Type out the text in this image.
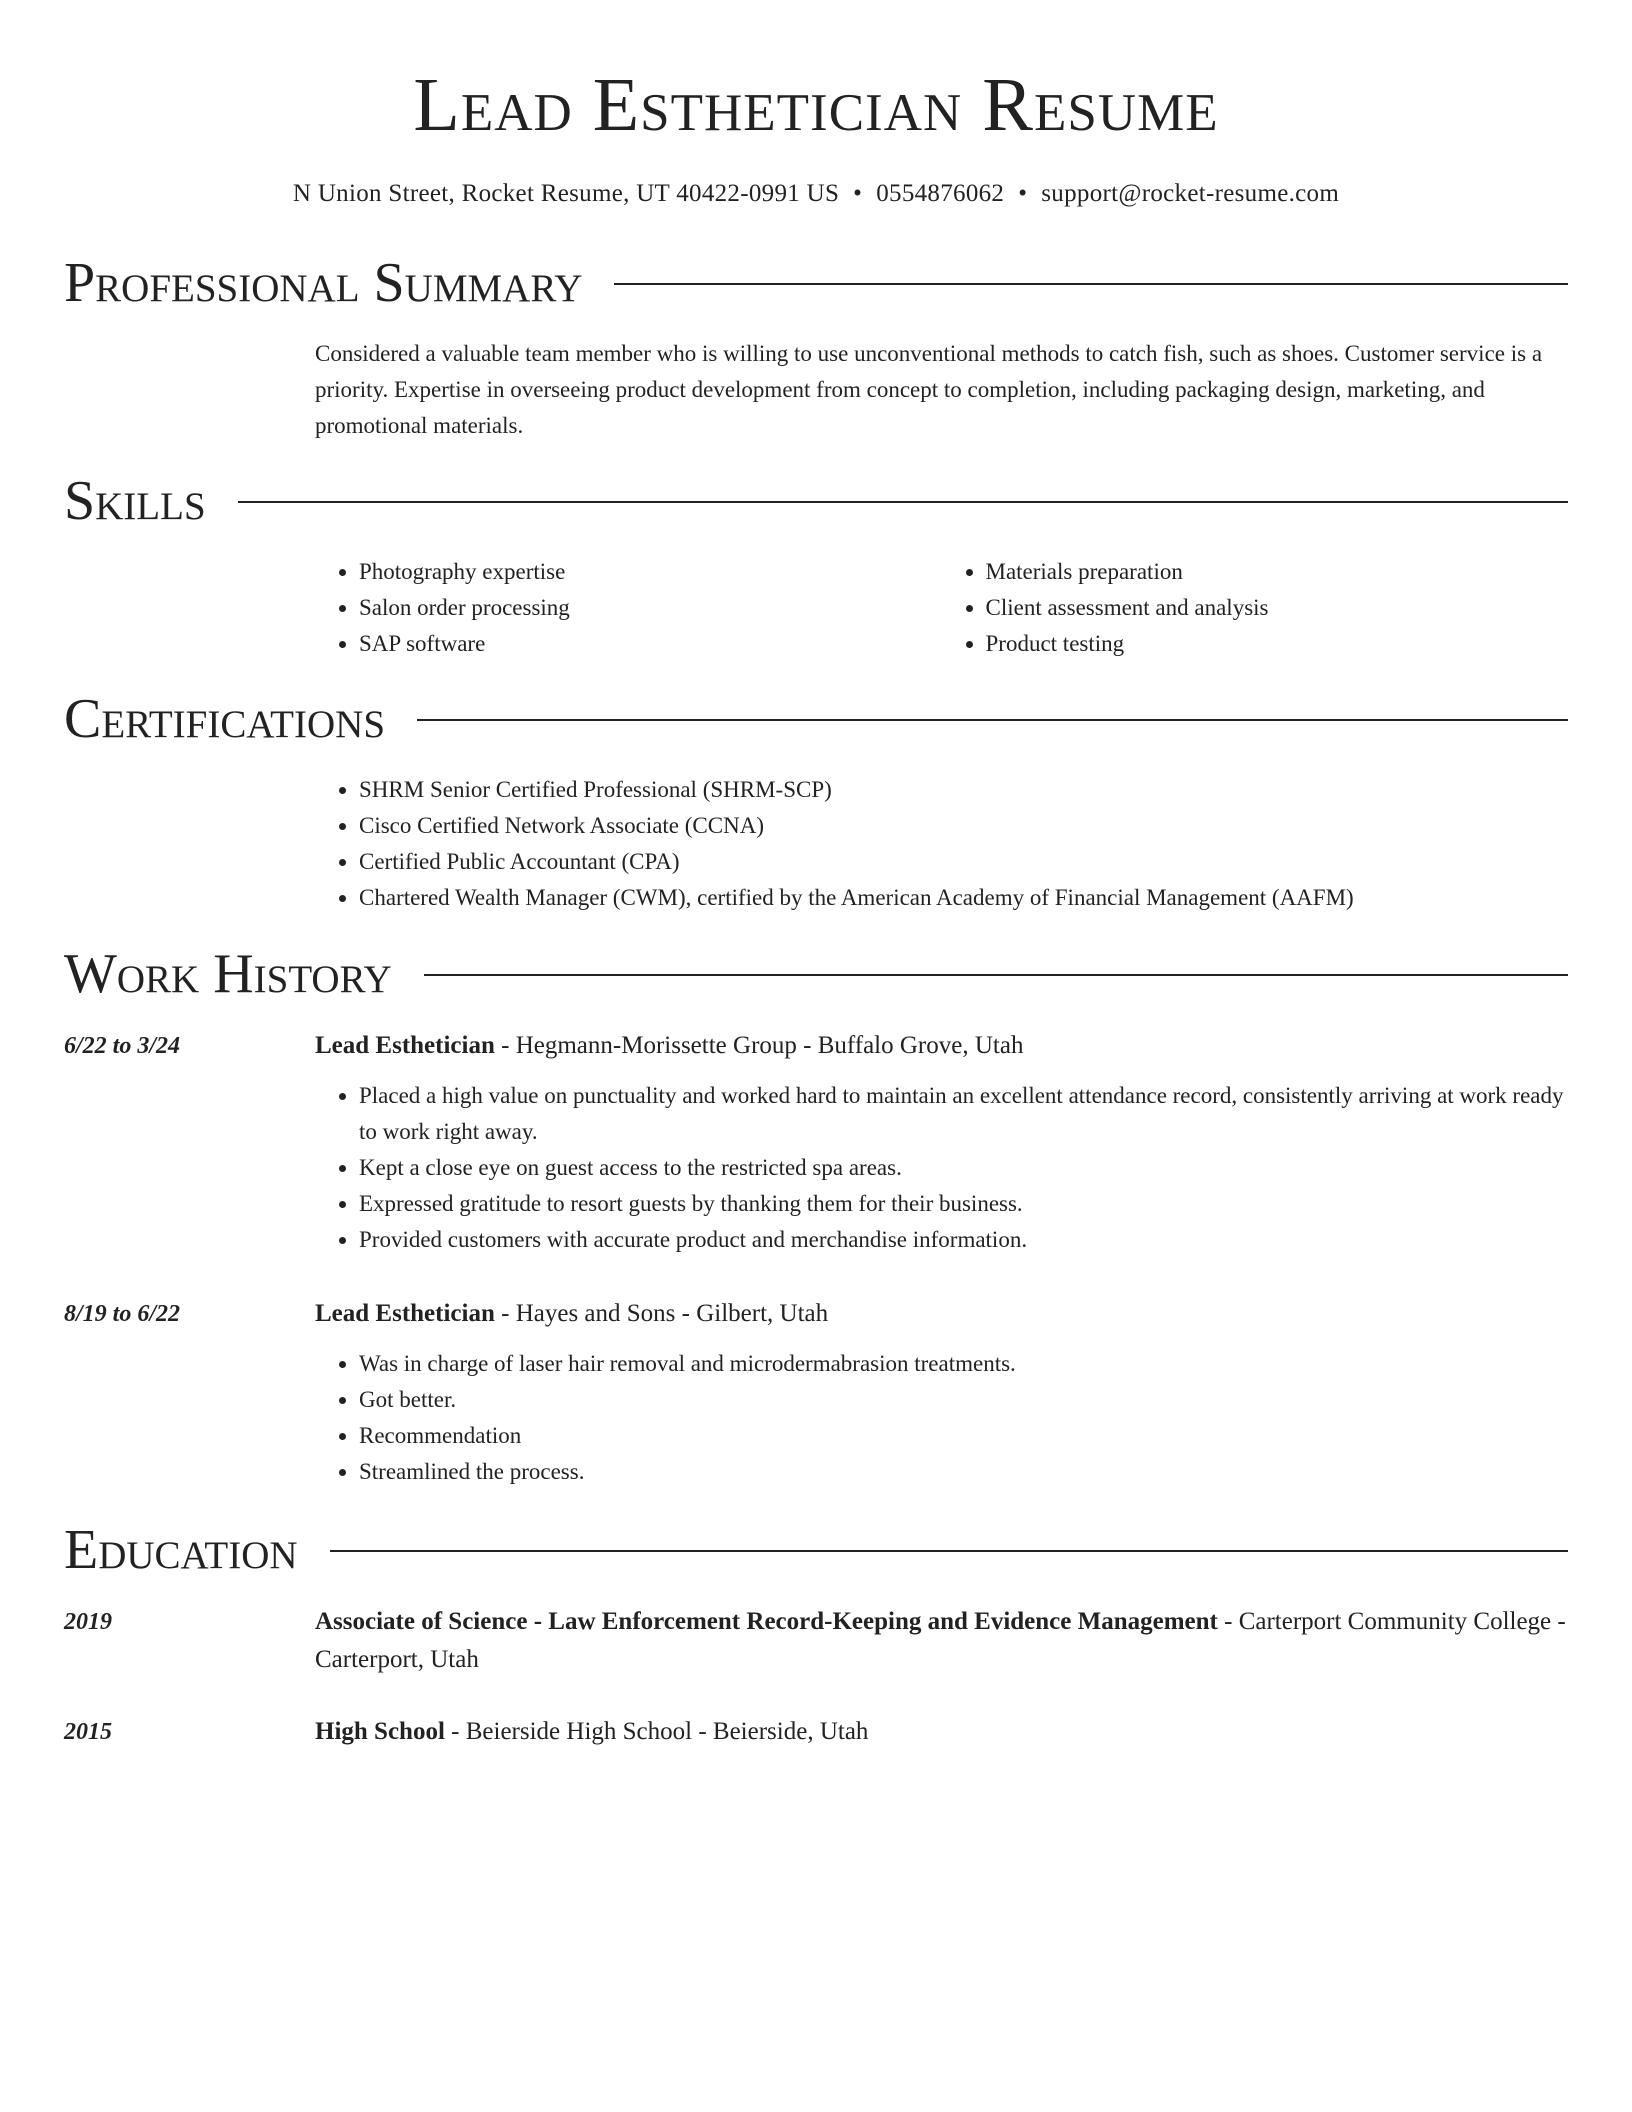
Lead Esthetician Resume
N Union Street, Rocket Resume, UT 40422-0991 US • 0554876062 • support@rocket-resume.com
Professional Summary
Considered a valuable team member who is willing to use unconventional methods to catch fish, such as shoes. Customer service is a priority. Expertise in overseeing product development from concept to completion, including packaging design, marketing, and promotional materials.
Skills
• Photography expertise
• Salon order processing
• SAP software
• Materials preparation
• Client assessment and analysis
• Product testing
Certifications
• SHRM Senior Certified Professional (SHRM-SCP)
• Cisco Certified Network Associate (CCNA)
• Certified Public Accountant (CPA)
• Chartered Wealth Manager (CWM), certified by the American Academy of Financial Management (AAFM)
Work History
6/22 to 3/24	Lead Esthetician - Hegmann-Morissette Group - Buffalo Grove, Utah
• Placed a high value on punctuality and worked hard to maintain an excellent attendance record, consistently arriving at work ready to work right away.
• Kept a close eye on guest access to the restricted spa areas.
• Expressed gratitude to resort guests by thanking them for their business.
• Provided customers with accurate product and merchandise information.
8/19 to 6/22	Lead Esthetician - Hayes and Sons - Gilbert, Utah
• Was in charge of laser hair removal and microdermabrasion treatments.
• Got better.
• Recommendation
• Streamlined the process.
Education
2019	Associate of Science - Law Enforcement Record-Keeping and Evidence Management - Carterport Community College - Carterport, Utah
2015	High School - Beierside High School - Beierside, Utah
